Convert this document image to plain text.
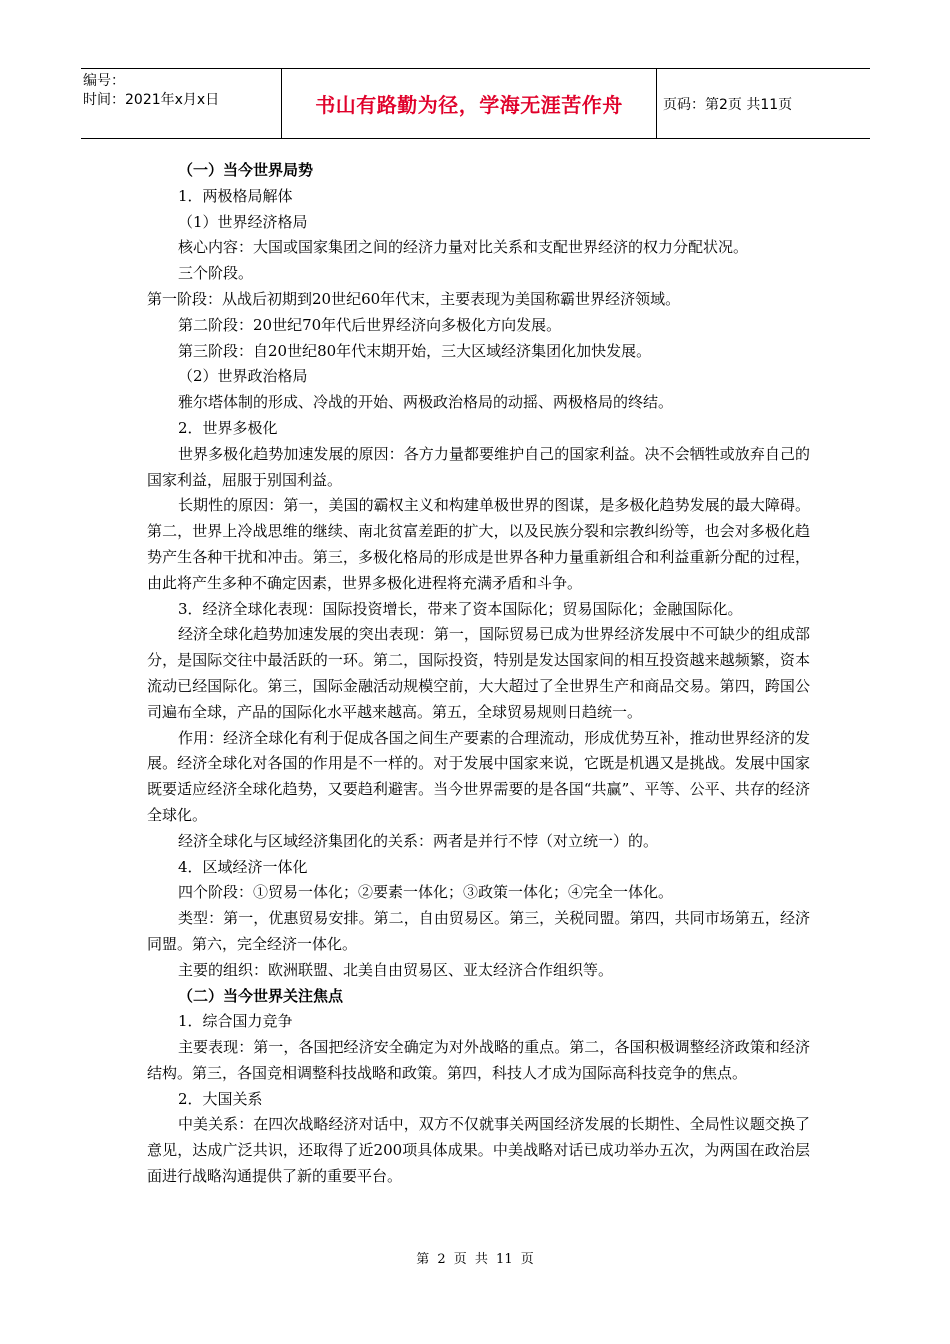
编号：
时间：2021年x月x日	书山有路勤为径，学海无涯苦作舟	页码：第2页 共11页

（一）当今世界局势

1．两极格局解体

（1）世界经济格局

核心内容：大国或国家集团之间的经济力量对比关系和支配世界经济的权力分配状况。

三个阶段。

第一阶段：从战后初期到20世纪60年代末，主要表现为美国称霸世界经济领域。

第二阶段：20世纪70年代后世界经济向多极化方向发展。

第三阶段：自20世纪80年代末期开始，三大区域经济集团化加快发展。

（2）世界政治格局

雅尔塔体制的形成、冷战的开始、两极政治格局的动摇、两极格局的终结。

2．世界多极化

世界多极化趋势加速发展的原因：各方力量都要维护自己的国家利益。决不会牺牲或放弃自己的国家利益，屈服于别国利益。

长期性的原因：第一，美国的霸权主义和构建单极世界的图谋，是多极化趋势发展的最大障碍。第二，世界上冷战思维的继续、南北贫富差距的扩大，以及民族分裂和宗教纠纷等，也会对多极化趋势产生各种干扰和冲击。第三，多极化格局的形成是世界各种力量重新组合和利益重新分配的过程，由此将产生多种不确定因素，世界多极化进程将充满矛盾和斗争。

3．经济全球化表现：国际投资增长，带来了资本国际化；贸易国际化；金融国际化。

经济全球化趋势加速发展的突出表现：第一，国际贸易已成为世界经济发展中不可缺少的组成部分，是国际交往中最活跃的一环。第二，国际投资，特别是发达国家间的相互投资越来越频繁，资本流动已经国际化。第三，国际金融活动规模空前，大大超过了全世界生产和商品交易。第四，跨国公司遍布全球，产品的国际化水平越来越高。第五，全球贸易规则日趋统一。

作用：经济全球化有利于促成各国之间生产要素的合理流动，形成优势互补，推动世界经济的发展。经济全球化对各国的作用是不一样的。对于发展中国家来说，它既是机遇又是挑战。发展中国家既要适应经济全球化趋势，又要趋利避害。当今世界需要的是各国“共赢”、平等、公平、共存的经济全球化。

经济全球化与区域经济集团化的关系：两者是并行不悖（对立统一）的。

4．区域经济一体化

四个阶段：①贸易一体化；②要素一体化；③政策一体化；④完全一体化。

类型：第一，优惠贸易安排。第二，自由贸易区。第三，关税同盟。第四，共同市场第五，经济同盟。第六，完全经济一体化。

主要的组织：欧洲联盟、北美自由贸易区、亚太经济合作组织等。

（二）当今世界关注焦点

1．综合国力竞争

主要表现：第一，各国把经济安全确定为对外战略的重点。第二，各国积极调整经济政策和经济结构。第三，各国竞相调整科技战略和政策。第四，科技人才成为国际高科技竞争的焦点。

2．大国关系

中美关系：在四次战略经济对话中，双方不仅就事关两国经济发展的长期性、全局性议题交换了意见，达成广泛共识，还取得了近200项具体成果。中美战略对话已成功举办五次，为两国在政治层面进行战略沟通提供了新的重要平台。

第 2 页 共 11 页
